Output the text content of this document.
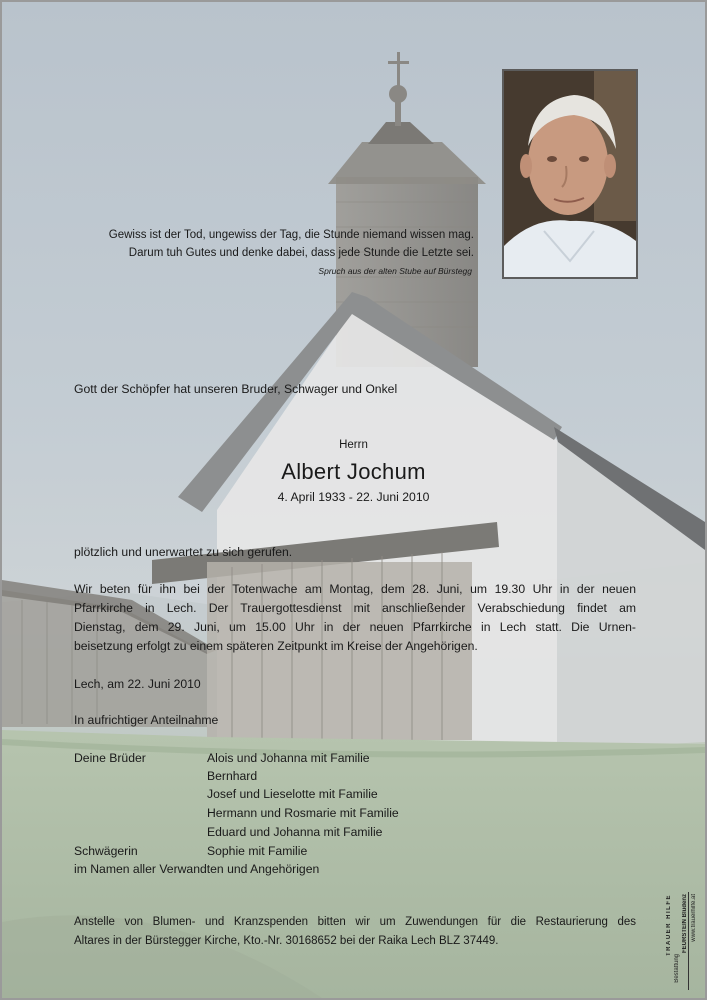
Gewiss ist der Tod, ungewiss der Tag, die Stunde niemand wissen mag.
Darum tuh Gutes und denke dabei, dass jede Stunde die Letzte sei.
Spruch aus der alten Stube auf Bürstegg
Gott der Schöpfer hat unseren Bruder, Schwager und Onkel
Herrn
Albert Jochum
4. April 1933 - 22. Juni 2010
plötzlich und unerwartet zu sich gerufen.
Wir beten für ihn bei der Totenwache am Montag, dem 28. Juni, um 19.30 Uhr in der neuen
Pfarrkirche in Lech. Der Trauergottesdienst mit anschließender Verabschiedung findet am
Dienstag, dem 29. Juni, um 15.00 Uhr in der neuen Pfarrkirche in Lech statt. Die Urnen-
beisetzung erfolgt zu einem späteren Zeitpunkt im Kreise der Angehörigen.
Lech, am 22. Juni 2010
In aufrichtiger Anteilnahme
Deine Brüder	Alois und Johanna mit Familie
Bernhard
Josef und Lieselotte mit Familie
Hermann und Rosmarie mit Familie
Eduard und Johanna mit Familie
Schwägerin	Sophie mit Familie
im Namen aller Verwandten und Angehörigen
Anstelle von Blumen- und Kranzspenden bitten wir um Zuwendungen für die Restaurierung des
Altares in der Bürstegger Kirche, Kto.-Nr. 30168652 bei der Raika Lech BLZ 37449.	TRAUER HILFE
Bestattung
FEURSTEIN Bludenz www.trauerhilfe.at
